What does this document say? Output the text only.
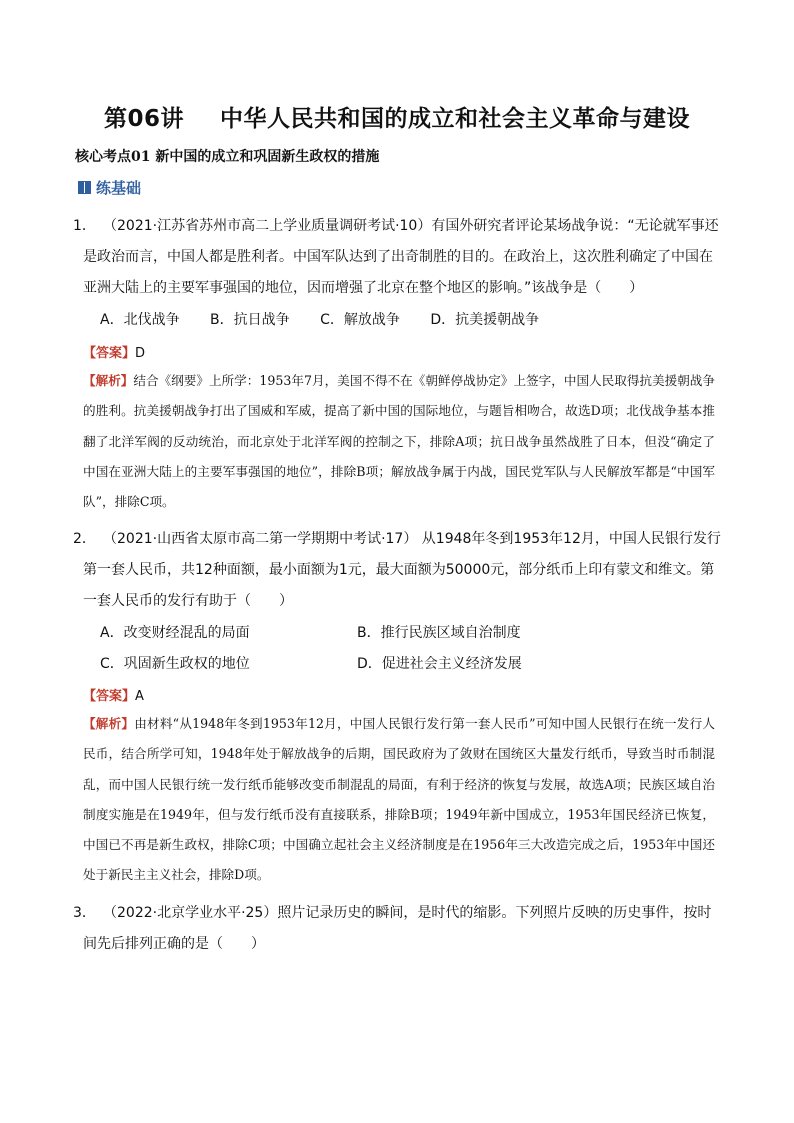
第06讲 中华人民共和国的成立和社会主义革命与建设
核心考点01 新中国的成立和巩固新生政权的措施
练基础
1． （2021·江苏省苏州市高二上学业质量调研考试·10）有国外研究者评论某场战争说：“无论就军事还是政治而言，中国人都是胜利者。中国军队达到了出奇制胜的目的。在政治上，这次胜利确定了中国在亚洲大陆上的主要军事强国的地位，因而增强了北京在整个地区的影响。”该战争是（　　）
A．北伐战争 B．抗日战争 C．解放战争 D．抗美援朝战争
【答案】D
【解析】结合《纲要》上所学：1953年7月，美国不得不在《朝鲜停战协定》上签字，中国人民取得抗美援朝战争的胜利。抗美援朝战争打出了国威和军威，提高了新中国的国际地位，与题旨相吻合，故选D项；北伐战争基本推翻了北洋军阀的反动统治，而北京处于北洋军阀的控制之下，排除A项；抗日战争虽然战胜了日本，但没“确定了中国在亚洲大陆上的主要军事强国的地位”，排除B项；解放战争属于内战，国民党军队与人民解放军都是“中国军队”，排除C项。
2． （2021·山西省太原市高二第一学期期中考试·17） 从1948年冬到1953年12月，中国人民银行发行第一套人民币，共12种面额，最小面额为1元，最大面额为50000元，部分纸币上印有蒙文和维文。第一套人民币的发行有助于（　　）
A．改变财经混乱的局面	B．推行民族区域自治制度
C．巩固新生政权的地位	D．促进社会主义经济发展
【答案】A
【解析】由材料“从1948年冬到1953年12月，中国人民银行发行第一套人民币”可知中国人民银行在统一发行人民币，结合所学可知，1948年处于解放战争的后期，国民政府为了敛财在国统区大量发行纸币，导致当时币制混乱，而中国人民银行统一发行纸币能够改变币制混乱的局面，有利于经济的恢复与发展，故选A项；民族区域自治制度实施是在1949年，但与发行纸币没有直接联系，排除B项；1949年新中国成立，1953年国民经济已恢复，中国已不再是新生政权，排除C项；中国确立起社会主义经济制度是在1956年三大改造完成之后，1953年中国还处于新民主主义社会，排除D项。
3． （2022·北京学业水平·25）照片记录历史的瞬间，是时代的缩影。下列照片反映的历史事件，按时间先后排列正确的是（　　）
